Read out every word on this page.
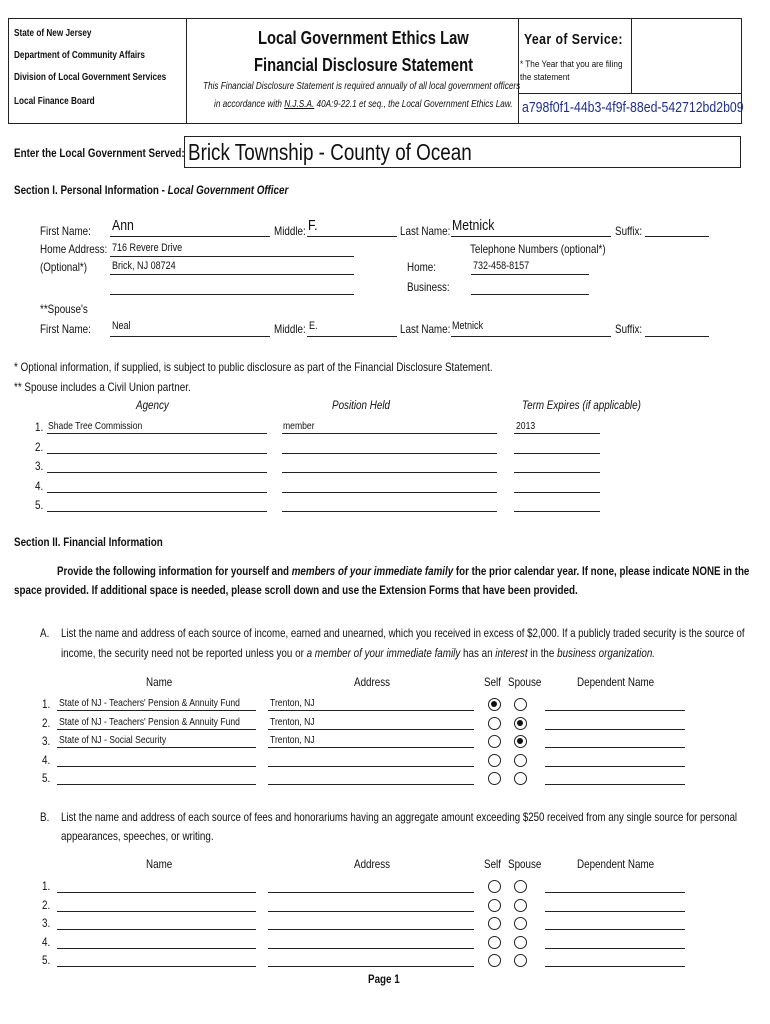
State of New Jersey
Department of Community Affairs
Division of Local Government Services
Local Finance Board
Local Government Ethics Law
Financial Disclosure Statement
This Financial Disclosure Statement is required annually of all local government officers
in accordance with N.J.S.A. 40A:9-22.1 et seq., the Local Government Ethics Law.
Year of Service:
* The Year that you are filing the statement
a798f0f1-44b3-4f9f-88ed-542712bd2b09
Enter the Local Government Served: Brick Township - County of Ocean
Section I. Personal Information - Local Government Officer
First Name:	Ann	Middle: F.	Last Name: Metnick	Suffix:
Home Address:
(Optional*)
716 Revere Drive
Brick, NJ 08724
Telephone Numbers (optional*)
Home:	732-458-8157
Business:
**Spouse's
First Name:	Neal	Middle: E.	Last Name: Metnick	Suffix:
* Optional information, if supplied, is subject to public disclosure as part of the Financial Disclosure Statement.
** Spouse includes a Civil Union partner.
Agency	Position Held	Term Expires (if applicable)
1. Shade Tree Commission	member	2013
2.
3.
4.
5.
Section II. Financial Information
Provide the following information for yourself and members of your immediate family for the prior calendar year. If none, please indicate NONE in the
space provided. If additional space is needed, please scroll down and use the Extension Forms that have been provided.
A. List the name and address of each source of income, earned and unearned, which you received in excess of $2,000. If a publicly traded security is the source of
income, the security need not be reported unless you or a member of your immediate family has an interest in the business organization.
Name	Address	Self Spouse	Dependent Name
1. State of NJ - Teachers' Pension & Annuity Fund	Trenton, NJ
2. State of NJ - Teachers' Pension & Annuity Fund	Trenton, NJ
3. State of NJ - Social Security	Trenton, NJ
4.
5.
B. List the name and address of each source of fees and honorariums having an aggregate amount exceeding $250 received from any single source for personal
appearances, speeches, or writing.
Name	Address	Self Spouse	Dependent Name
1.
2.
3.
4.
5.
Page 1
